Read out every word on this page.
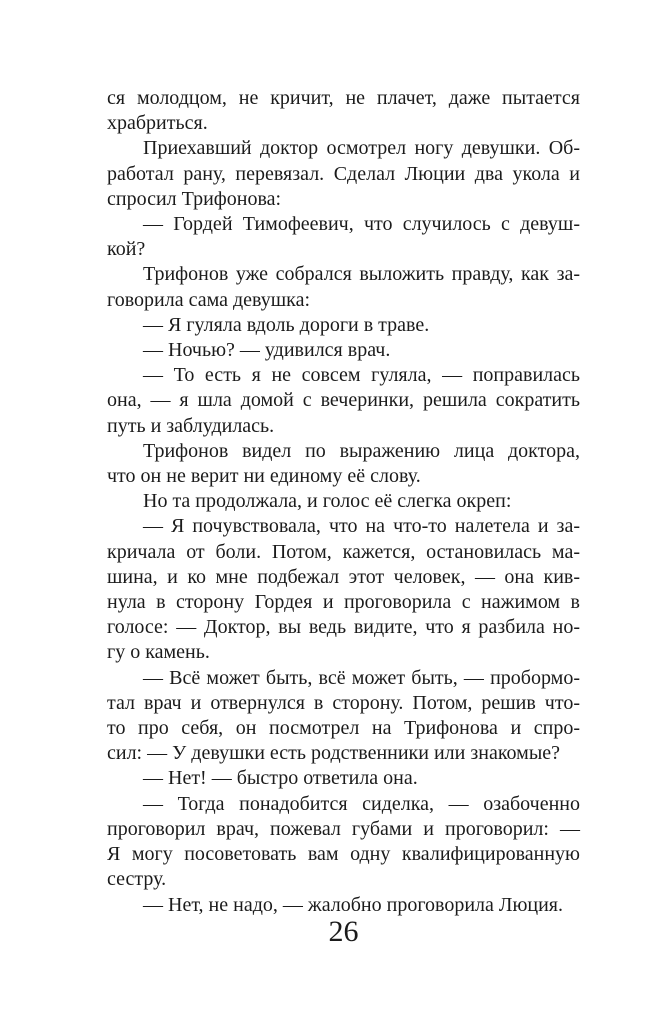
ся молодцом, не кричит, не плачет, даже пытается
храбриться.
Приехавший доктор осмотрел ногу девушки. Об-
работал рану, перевязал. Сделал Люции два укола и
спросил Трифонова:
— Гордей Тимофеевич, что случилось с девуш-
кой?
Трифонов уже собрался выложить правду, как за-
говорила сама девушка:
— Я гуляла вдоль дороги в траве.
— Ночью? — удивился врач.
— То есть я не совсем гуляла, — поправилась
она, — я шла домой с вечеринки, решила сократить
путь и заблудилась.
Трифонов видел по выражению лица доктора,
что он не верит ни единому её слову.
Но та продолжала, и голос её слегка окреп:
— Я почувствовала, что на что-то налетела и за-
кричала от боли. Потом, кажется, остановилась ма-
шина, и ко мне подбежал этот человек, — она кив-
нула в сторону Гордея и проговорила с нажимом в
голосе: — Доктор, вы ведь видите, что я разбила но-
гу о камень.
— Всё может быть, всё может быть, — пробормо-
тал врач и отвернулся в сторону. Потом, решив что-
то про себя, он посмотрел на Трифонова и спро-
сил: — У девушки есть родственники или знакомые?
— Нет! — быстро ответила она.
— Тогда понадобится сиделка, — озабоченно
проговорил врач, пожевал губами и проговорил: —
Я могу посоветовать вам одну квалифицированную
сестру.
— Нет, не надо, — жалобно проговорила Люция.
26
